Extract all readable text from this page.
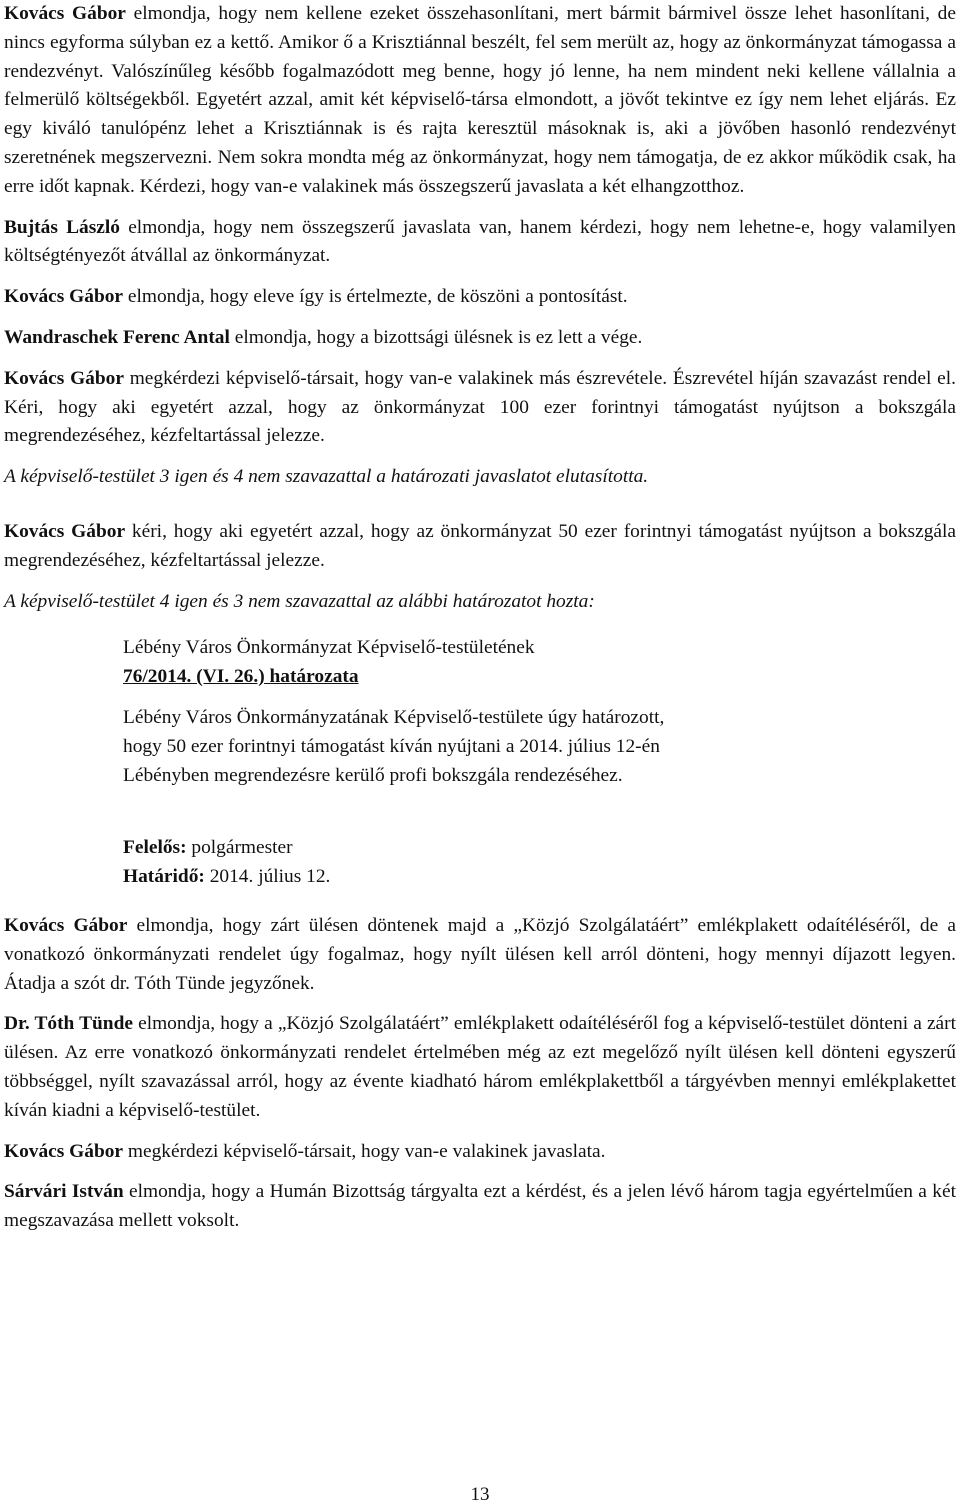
Kovács Gábor elmondja, hogy nem kellene ezeket összehasonlítani, mert bármit bármivel össze lehet hasonlítani, de nincs egyforma súlyban ez a kettő. Amikor ő a Krisztiánnal beszélt, fel sem merült az, hogy az önkormányzat támogassa a rendezvényt. Valószínűleg később fogalmazódott meg benne, hogy jó lenne, ha nem mindent neki kellene vállalnia a felmerülő költségekből. Egyetért azzal, amit két képviselő-társa elmondott, a jövőt tekintve ez így nem lehet eljárás. Ez egy kiváló tanulópénz lehet a Krisztiánnak is és rajta keresztül másoknak is, aki a jövőben hasonló rendezvényt szeretnének megszervezni. Nem sokra mondta még az önkormányzat, hogy nem támogatja, de ez akkor működik csak, ha erre időt kapnak. Kérdezi, hogy van-e valakinek más összegszerű javaslata a két elhangzotthoz.

Bujtás László elmondja, hogy nem összegszerű javaslata van, hanem kérdezi, hogy nem lehetne-e, hogy valamilyen költségtényezőt átvállal az önkormányzat.

Kovács Gábor elmondja, hogy eleve így is értelmezte, de köszöni a pontosítást.

Wandraschek Ferenc Antal elmondja, hogy a bizottsági ülésnek is ez lett a vége.

Kovács Gábor megkérdezi képviselő-társait, hogy van-e valakinek más észrevétele. Észrevétel híján szavazást rendel el. Kéri, hogy aki egyetért azzal, hogy az önkormányzat 100 ezer forintnyi támogatást nyújtson a bokszgála megrendezéséhez, kézfeltartással jelezze.

A képviselő-testület 3 igen és 4 nem szavazattal a határozati javaslatot elutasította.

Kovács Gábor kéri, hogy aki egyetért azzal, hogy az önkormányzat 50 ezer forintnyi támogatást nyújtson a bokszgála megrendezéséhez, kézfeltartással jelezze.

A képviselő-testület 4 igen és 3 nem szavazattal az alábbi határozatot hozta:

Lébény Város Önkormányzat Képviselő-testületének
76/2014. (VI. 26.) határozata
Lébény Város Önkormányzatának Képviselő-testülete úgy határozott,
hogy 50 ezer forintnyi támogatást kíván nyújtani a 2014. július 12-én
Lébényben megrendezésre kerülő profi bokszgála rendezéséhez.
Felelős: polgármester
Határidő: 2014. július 12.

Kovács Gábor elmondja, hogy zárt ülésen döntenek majd a „Közjó Szolgálatáért” emlékplakett odaítéléséről, de a vonatkozó önkormányzati rendelet úgy fogalmaz, hogy nyílt ülésen kell arról dönteni, hogy mennyi díjazott legyen. Átadja a szót dr. Tóth Tünde jegyzőnek.

Dr. Tóth Tünde elmondja, hogy a „Közjó Szolgálatáért” emlékplakett odaítéléséről fog a képviselő-testület dönteni a zárt ülésen. Az erre vonatkozó önkormányzati rendelet értelmében még az ezt megelőző nyílt ülésen kell dönteni egyszerű többséggel, nyílt szavazással arról, hogy az évente kiadható három emlékplakettből a tárgyévben mennyi emlékplakettet kíván kiadni a képviselő-testület.

Kovács Gábor megkérdezi képviselő-társait, hogy van-e valakinek javaslata.

Sárvári István elmondja, hogy a Humán Bizottság tárgyalta ezt a kérdést, és a jelen lévő három tagja egyértelműen a két megszavazása mellett voksolt.

13
